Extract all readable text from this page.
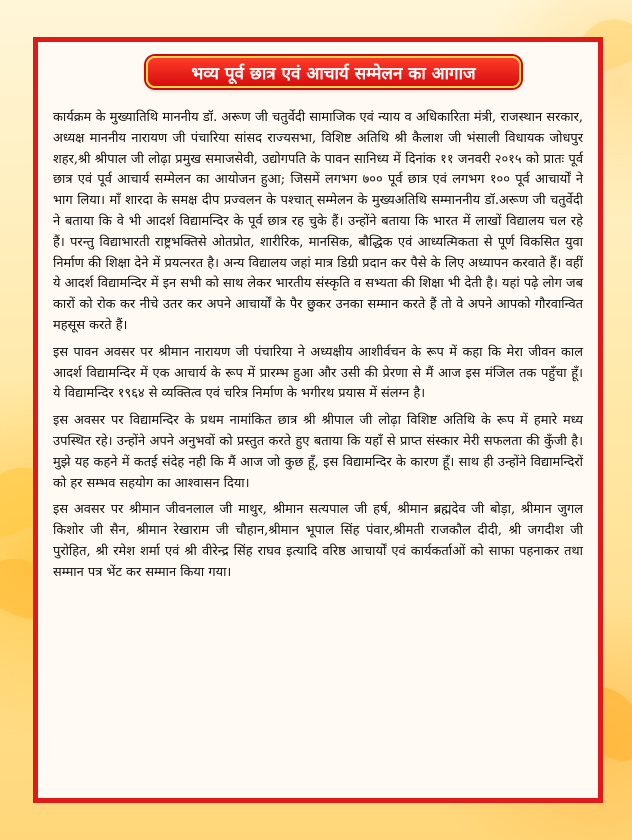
भव्य पूर्व छात्र एवं आचार्य सम्मेलन का आगाज

कार्यक्रम के मुख्यातिथि माननीय डॉ. अरूण जी चतुर्वेदी सामाजिक एवं न्याय व अधिकारिता मंत्री, राजस्थान सरकार, अध्यक्ष माननीय नारायण जी पंचारिया सांसद राज्यसभा, विशिष्ट अतिथि श्री कैलाश जी भंसाली विधायक जोधपुर शहर,श्री श्रीपाल जी लोढ़ा प्रमुख समाजसेवी, उद्योगपति के पावन सानिध्य में दिनांक ११ जनवरी २०१५ को प्रातः पूर्व छात्र एवं पूर्व आचार्य सम्मेलन का आयोजन हुआ; जिसमें लगभग ७०० पूर्व छात्र एवं लगभग १०० पूर्व आचार्यों ने भाग लिया। माँ शारदा के समक्ष दीप प्रज्वलन के पश्चात् सम्मेलन के मुख्यअतिथि सम्माननीय डॉ.अरूण जी चतुर्वेदी ने बताया कि वे भी आदर्श विद्यामन्दिर के पूर्व छात्र रह चुके हैं। उन्होंने बताया कि भारत में लाखों विद्यालय चल रहे हैं। परन्तु विद्याभारती राष्ट्रभक्तिसे ओतप्रोत, शारीरिक, मानसिक, बौद्धिक एवं आध्यत्मिकता से पूर्ण विकसित युवा निर्माण की शिक्षा देने में प्रयत्नरत है। अन्य विद्यालय जहां मात्र डिग्री प्रदान कर पैसे के लिए अध्यापन करवाते हैं। वहीं ये आदर्श विद्यामन्दिर में इन सभी को साथ लेकर भारतीय संस्कृति व सभ्यता की शिक्षा भी देती है। यहां पढ़े लोग जब कारों को रोक कर नीचे उतर कर अपने आचार्यों के पैर छुकर उनका सम्मान करते हैं तो वे अपने आपको गौरवान्वित महसूस करते हैं।

इस पावन अवसर पर श्रीमान नारायण जी पंचारिया ने अध्यक्षीय आशीर्वचन के रूप में कहा कि मेरा जीवन काल आदर्श विद्यामन्दिर में एक आचार्य के रूप में प्रारम्भ हुआ और उसी की प्रेरणा से मैं आज इस मंजिल तक पहुँचा हूँ। ये विद्यामन्दिर १९६४ से व्यक्तित्व एवं चरित्र निर्माण के भगीरथ प्रयास में संलग्न है।

इस अवसर पर विद्यामन्दिर के प्रथम नामांकित छात्र श्री श्रीपाल जी लोढ़ा विशिष्ट अतिथि के रूप में हमारे मध्य उपस्थित रहे। उन्होंने अपने अनुभवों को प्रस्तुत करते हुए बताया कि यहाँ से प्राप्त संस्कार मेरी सफलता की कुँजी है। मुझे यह कहने में कतई संदेह नही कि मैं आज जो कुछ हूँ, इस विद्यामन्दिर के कारण हूँ। साथ ही उन्होंने विद्यामन्दिरों को हर सम्भव सहयोग का आश्वासन दिया।

इस अवसर पर श्रीमान जीवनलाल जी माथुर, श्रीमान सत्यपाल जी हर्ष, श्रीमान ब्रह्मदेव जी बोड़ा, श्रीमान जुगल किशोर जी सैन, श्रीमान रेखाराम जी चौहान,श्रीमान भूपाल सिंह पंवार,श्रीमती राजकौल दीदी, श्री जगदीश जी पुरोहित, श्री रमेश शर्मा एवं श्री वीरेन्द्र सिंह राघव इत्यादि वरिष्ठ आचार्यों एवं कार्यकर्ताओं को साफा पहनाकर तथा सम्मान पत्र भेंट कर सम्मान किया गया।
